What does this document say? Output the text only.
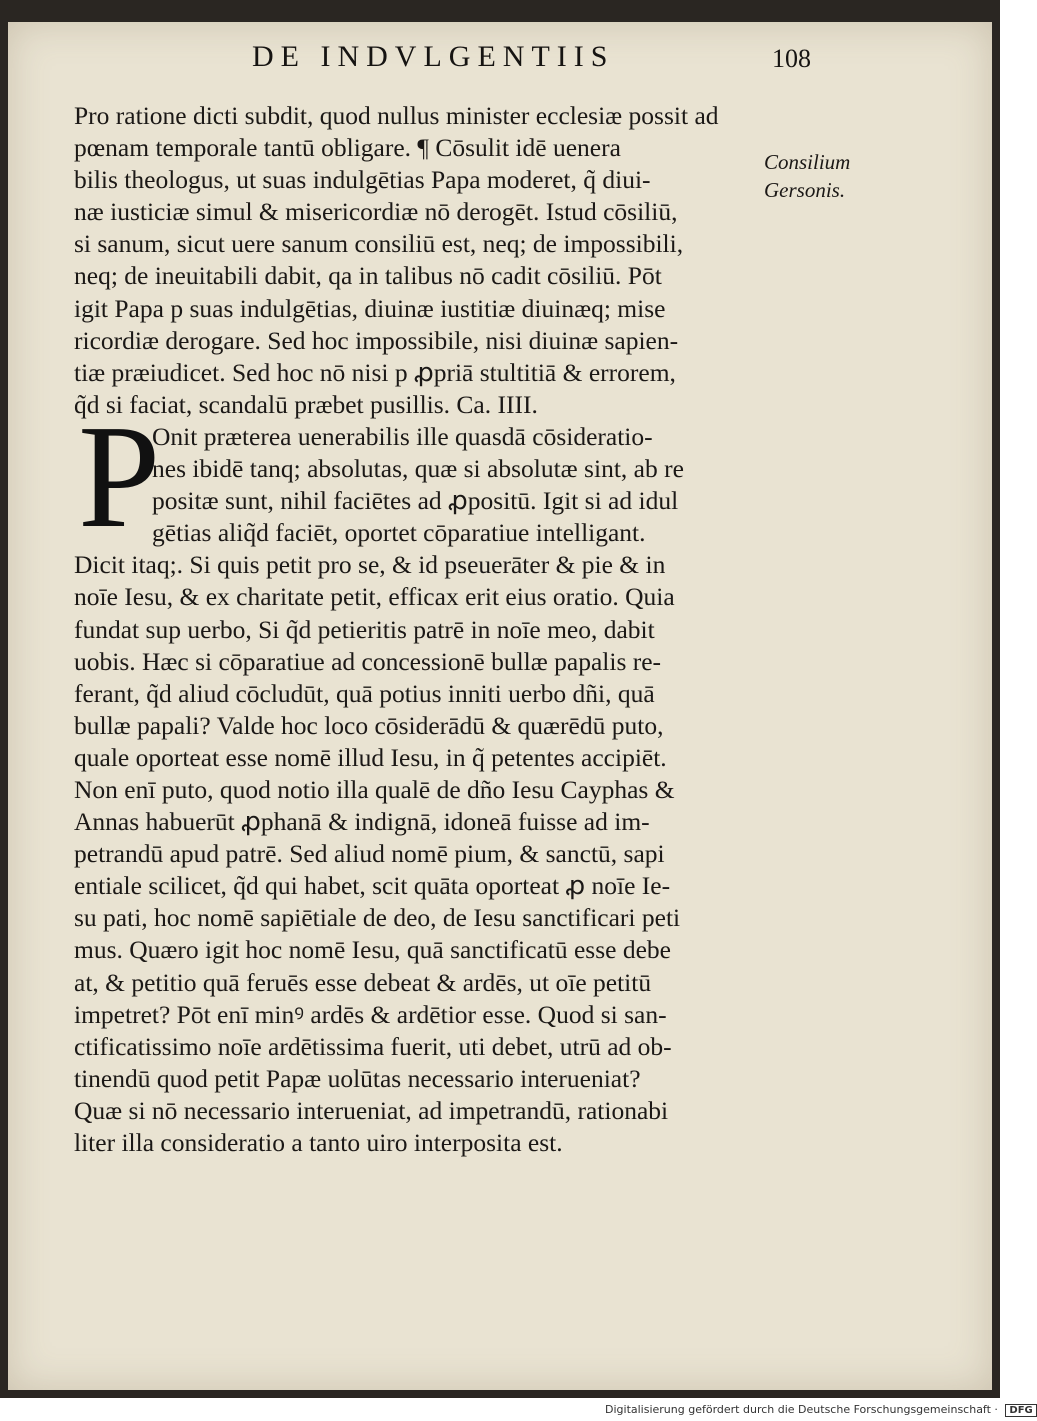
DE INDVLGENTIIS	108
Consilium
Gersonis.
P
Pro ratione dicti subdit, quod nullus minister ecclesiæ possit ad
pœnam temporale tantū obligare. ¶ Cōsulit idē uenera
bilis theologus, ut suas indulgētias Papa moderet, q̃ diui-
næ iusticiæ simul & misericordiæ nō derogēt. Istud cōsiliū,
si sanum, sicut uere sanum consiliū est, neq; de impossibili,
neq; de ineuitabili dabit, qa in talibus nō cadit cōsiliū. Pōt
igit Papa p suas indulgētias, diuinæ iustitiæ diuinæq; mise
ricordiæ derogare. Sed hoc impossibile, nisi diuinæ sapien-
tiæ præiudicet. Sed hoc nō nisi p ꝓpriā stultitiā & errorem,
q̃d si faciat, scandalū præbet pusillis. Ca. IIII.
Onit præterea uenerabilis ille quasdā cōsideratio-
nes ibidē tanq; absolutas, quæ si absolutæ sint, ab re
positæ sunt, nihil faciētes ad ꝓpositū. Igit si ad idul
gētias aliq̃d faciēt, oportet cōparatiue intelligant.
Dicit itaq;. Si quis petit pro se, & id pseuerāter & pie & in
noīe Iesu, & ex charitate petit, efficax erit eius oratio. Quia
fundat sup uerbo, Si q̃d petieritis patrē in noīe meo, dabit
uobis. Hæc si cōparatiue ad concessionē bullæ papalis re-
ferant, q̃d aliud cōcludūt, quā potius inniti uerbo dñi, quā
bullæ papali? Valde hoc loco cōsiderādū & quærēdū puto,
quale oporteat esse nomē illud Iesu, in q̃ petentes accipiēt.
Non enī puto, quod notio illa qualē de dño Iesu Cayphas &
Annas habuerūt ꝓphanā & indignā, idoneā fuisse ad im-
petrandū apud patrē. Sed aliud nomē pium, & sanctū, sapi
entiale scilicet, q̃d qui habet, scit quāta oporteat ꝓ noīe Ie-
su pati, hoc nomē sapiētiale de deo, de Iesu sanctificari peti
mus. Quæro igit hoc nomē Iesu, quā sanctificatū esse debe
at, & petitio quā feruēs esse debeat & ardēs, ut oīe petitū
impetret? Pōt enī minꝰ ardēs & ardētior esse. Quod si san-
ctificatissimo noīe ardētissima fuerit, uti debet, utrū ad ob-
tinendū quod petit Papæ uolūtas necessario interueniat?
Quæ si nō necessario interueniat, ad impetrandū, rationabi
liter illa consideratio a tanto uiro interposita est.
Digitalisierung gefördert durch die Deutsche Forschungsgemeinschaft · DFG
